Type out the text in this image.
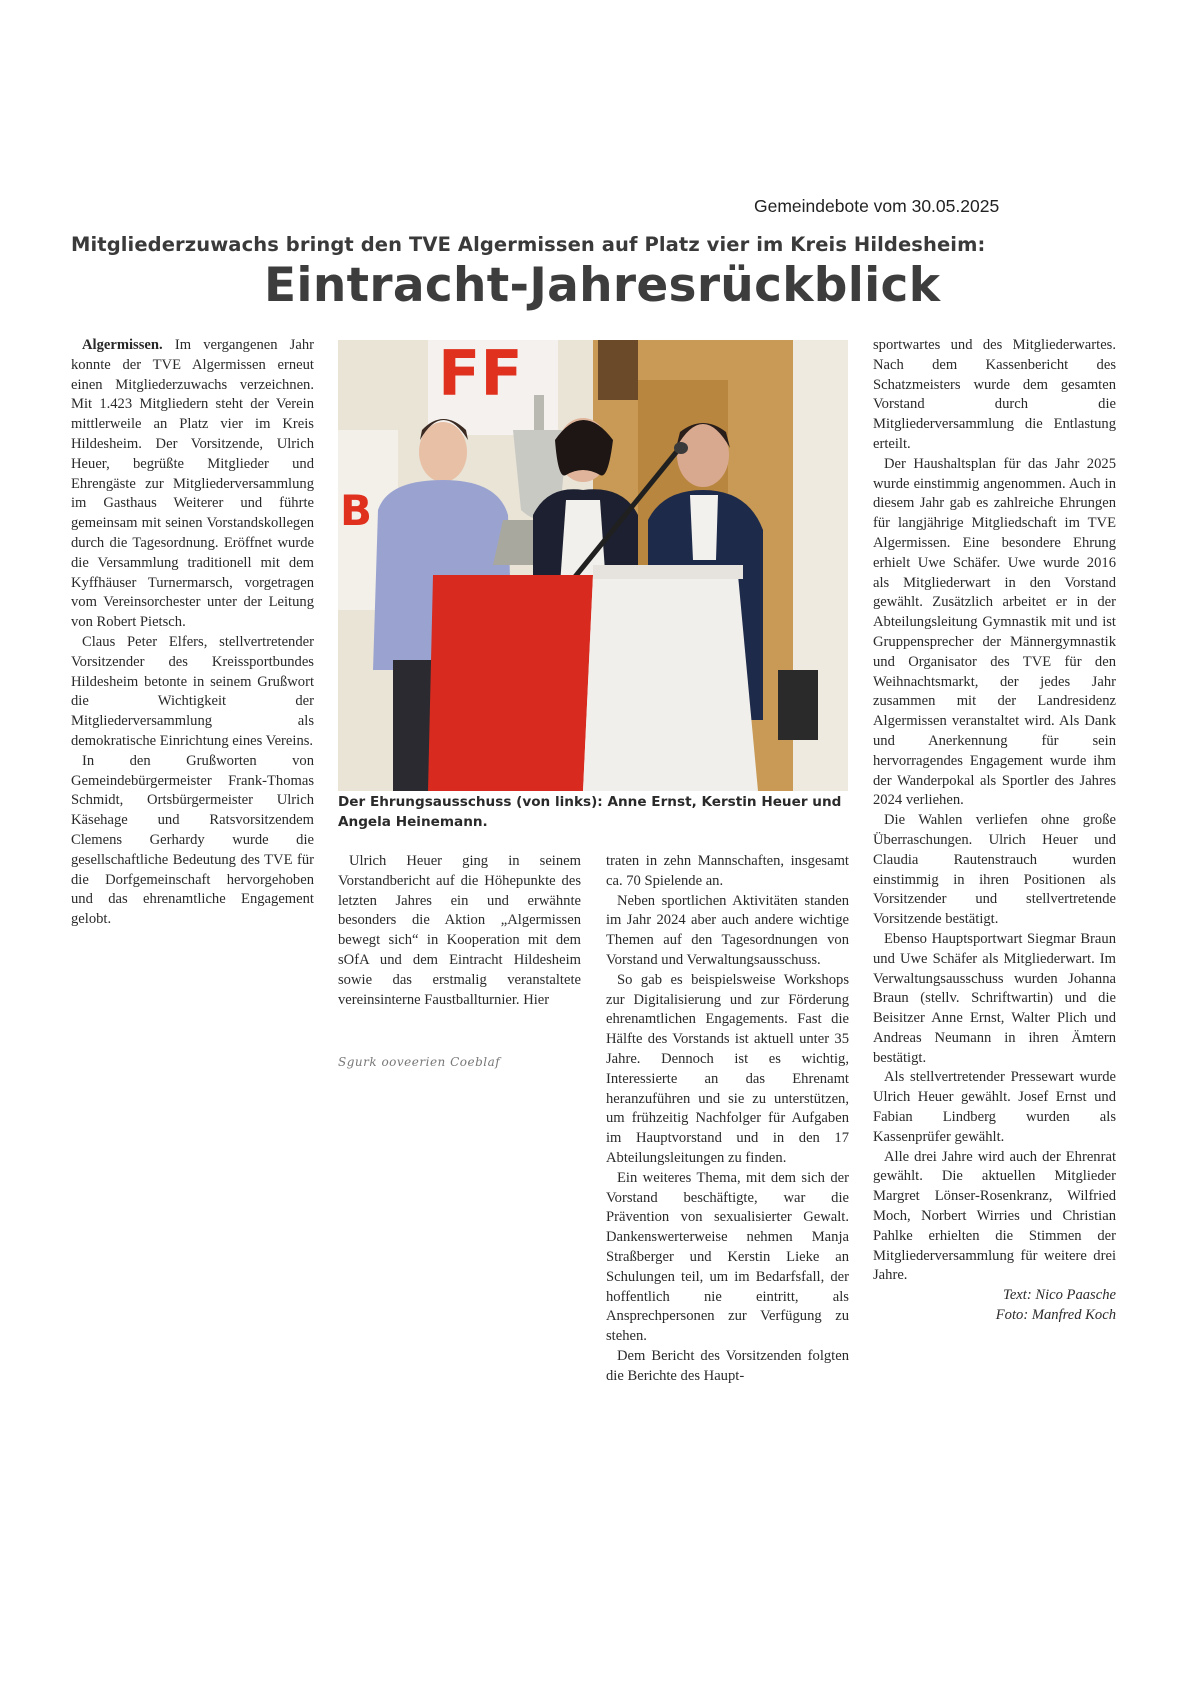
Gemeindebote vom 30.05.2025
Mitgliederzuwachs bringt den TVE Algermissen auf Platz vier im Kreis Hildesheim:
Eintracht-Jahresrückblick

Algermissen. Im vergangenen Jahr konnte der TVE Algermissen erneut einen Mitgliederzuwachs verzeichnen. Mit 1.423 Mitgliedern steht der Verein mittlerweile an Platz vier im Kreis Hildesheim. Der Vorsitzende, Ulrich Heuer, begrüßte Mitglieder und Ehrengäste zur Mitgliederversammlung im Gasthaus Weiterer und führte gemeinsam mit seinen Vorstandskollegen durch die Tagesordnung. Eröffnet wurde die Versammlung traditionell mit dem Kyffhäuser Turnermarsch, vorgetragen vom Vereinsorchester unter der Leitung von Robert Pietsch.

Claus Peter Elfers, stellvertretender Vorsitzender des Kreissportbundes Hildesheim betonte in seinem Grußwort die Wichtigkeit der Mitgliederversammlung als demokratische Einrichtung eines Vereins.

In den Grußworten von Gemeindebürgermeister Frank-Thomas Schmidt, Ortsbürgermeister Ulrich Käsehage und Ratsvorsitzendem Clemens Gerhardy wurde die gesellschaftliche Bedeutung des TVE für die Dorfgemeinschaft hervorgehoben und das ehrenamtliche Engagement gelobt.

FF
B
Der Ehrungsausschuss (von links): Anne Ernst, Kerstin Heuer und Angela Heinemann.

Ulrich Heuer ging in seinem Vorstandbericht auf die Höhepunkte des letzten Jahres ein und erwähnte besonders die Aktion „Algermissen bewegt sich“ in Kooperation mit dem sOfA und dem Eintracht Hildesheim sowie das erstmalig veranstaltete vereinsinterne Faustballturnier. Hier

Sgurk ooveerien Coeblaf

traten in zehn Mannschaften, insgesamt ca. 70 Spielende an.

Neben sportlichen Aktivitäten standen im Jahr 2024 aber auch andere wichtige Themen auf den Tagesordnungen von Vorstand und Verwaltungsausschuss.

So gab es beispielsweise Workshops zur Digitalisierung und zur Förderung ehrenamtlichen Engagements. Fast die Hälfte des Vorstands ist aktuell unter 35 Jahre. Dennoch ist es wichtig, Interessierte an das Ehrenamt heranzuführen und sie zu unterstützen, um frühzeitig Nachfolger für Aufgaben im Hauptvorstand und in den 17 Abteilungsleitungen zu finden.

Ein weiteres Thema, mit dem sich der Vorstand beschäftigte, war die Prävention von sexualisierter Gewalt. Dankenswerterweise nehmen Manja Straßberger und Kerstin Lieke an Schulungen teil, um im Bedarfsfall, der hoffentlich nie eintritt, als Ansprechpersonen zur Verfügung zu stehen.

Dem Bericht des Vorsitzenden folgten die Berichte des Haupt-

sportwartes und des Mitgliederwartes. Nach dem Kassenbericht des Schatzmeisters wurde dem gesamten Vorstand durch die Mitgliederversammlung die Entlastung erteilt.

Der Haushaltsplan für das Jahr 2025 wurde einstimmig angenommen. Auch in diesem Jahr gab es zahlreiche Ehrungen für langjährige Mitgliedschaft im TVE Algermissen. Eine besondere Ehrung erhielt Uwe Schäfer. Uwe wurde 2016 als Mitgliederwart in den Vorstand gewählt. Zusätzlich arbeitet er in der Abteilungsleitung Gymnastik mit und ist Gruppensprecher der Männergymnastik und Organisator des TVE für den Weihnachtsmarkt, der jedes Jahr zusammen mit der Landresidenz Algermissen veranstaltet wird. Als Dank und Anerkennung für sein hervorragendes Engagement wurde ihm der Wanderpokal als Sportler des Jahres 2024 verliehen.

Die Wahlen verliefen ohne große Überraschungen. Ulrich Heuer und Claudia Rautenstrauch wurden einstimmig in ihren Positionen als Vorsitzender und stellvertretende Vorsitzende bestätigt.

Ebenso Hauptsportwart Siegmar Braun und Uwe Schäfer als Mitgliederwart. Im Verwaltungsausschuss wurden Johanna Braun (stellv. Schriftwartin) und die Beisitzer Anne Ernst, Walter Plich und Andreas Neumann in ihren Ämtern bestätigt.

Als stellvertretender Pressewart wurde Ulrich Heuer gewählt. Josef Ernst und Fabian Lindberg wurden als Kassenprüfer gewählt.

Alle drei Jahre wird auch der Ehrenrat gewählt. Die aktuellen Mitglieder Margret Lönser-Rosenkranz, Wilfried Moch, Norbert Wirries und Christian Pahlke erhielten die Stimmen der Mitgliederversammlung für weitere drei Jahre.

Text: Nico Paasche

Foto: Manfred Koch
